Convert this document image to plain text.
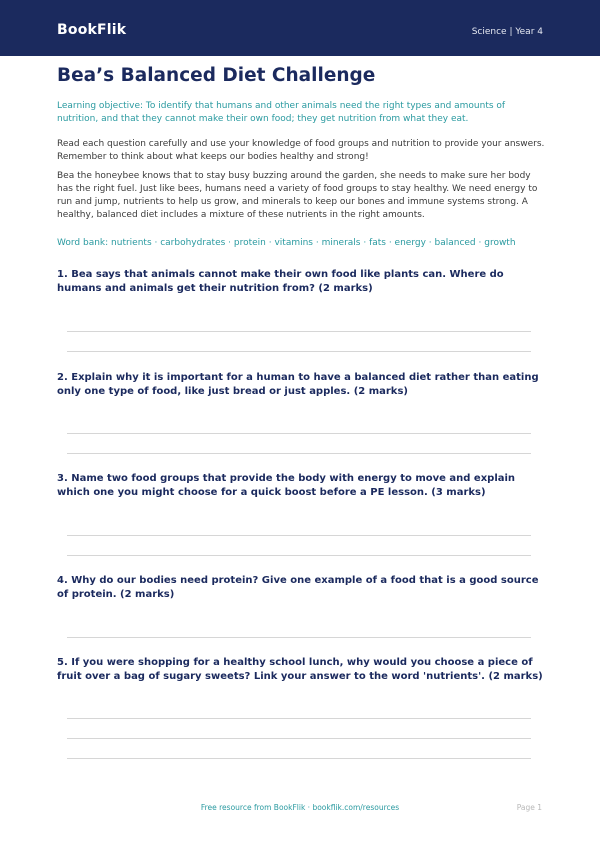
BookFlik	Science | Year 4
Bea’s Balanced Diet Challenge
Learning objective: To identify that humans and other animals need the right types and amounts of nutrition, and that they cannot make their own food; they get nutrition from what they eat.
Read each question carefully and use your knowledge of food groups and nutrition to provide your answers. Remember to think about what keeps our bodies healthy and strong!
Bea the honeybee knows that to stay busy buzzing around the garden, she needs to make sure her body has the right fuel. Just like bees, humans need a variety of food groups to stay healthy. We need energy to run and jump, nutrients to help us grow, and minerals to keep our bones and immune systems strong. A healthy, balanced diet includes a mixture of these nutrients in the right amounts.
Word bank: nutrients · carbohydrates · protein · vitamins · minerals · fats · energy · balanced · growth
1. Bea says that animals cannot make their own food like plants can. Where do humans and animals get their nutrition from? (2 marks)
2. Explain why it is important for a human to have a balanced diet rather than eating only one type of food, like just bread or just apples. (2 marks)
3. Name two food groups that provide the body with energy to move and explain which one you might choose for a quick boost before a PE lesson. (3 marks)
4. Why do our bodies need protein? Give one example of a food that is a good source of protein. (2 marks)
5. If you were shopping for a healthy school lunch, why would you choose a piece of fruit over a bag of sugary sweets? Link your answer to the word 'nutrients'. (2 marks)
Free resource from BookFlik · bookflik.com/resources	Page 1
